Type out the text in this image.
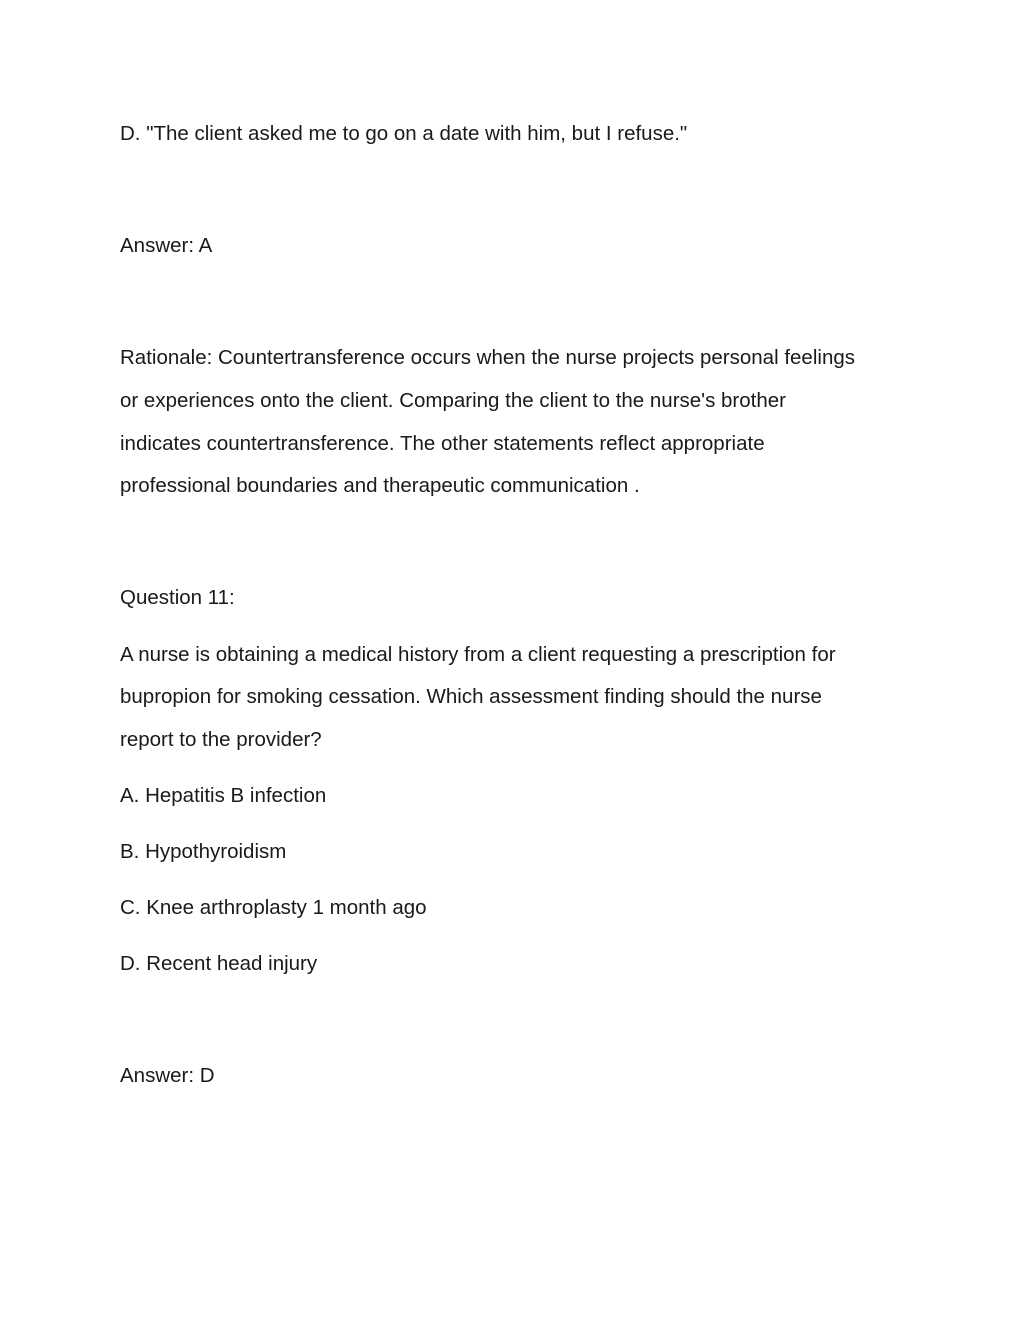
D. "The client asked me to go on a date with him, but I refuse."

Answer: A

Rationale: Countertransference occurs when the nurse projects personal feelings

or experiences onto the client. Comparing the client to the nurse's brother

indicates countertransference. The other statements reflect appropriate

professional boundaries and therapeutic communication .

Question 11:

A nurse is obtaining a medical history from a client requesting a prescription for

bupropion for smoking cessation. Which assessment finding should the nurse

report to the provider?

A. Hepatitis B infection

B. Hypothyroidism

C. Knee arthroplasty 1 month ago

D. Recent head injury

Answer: D
